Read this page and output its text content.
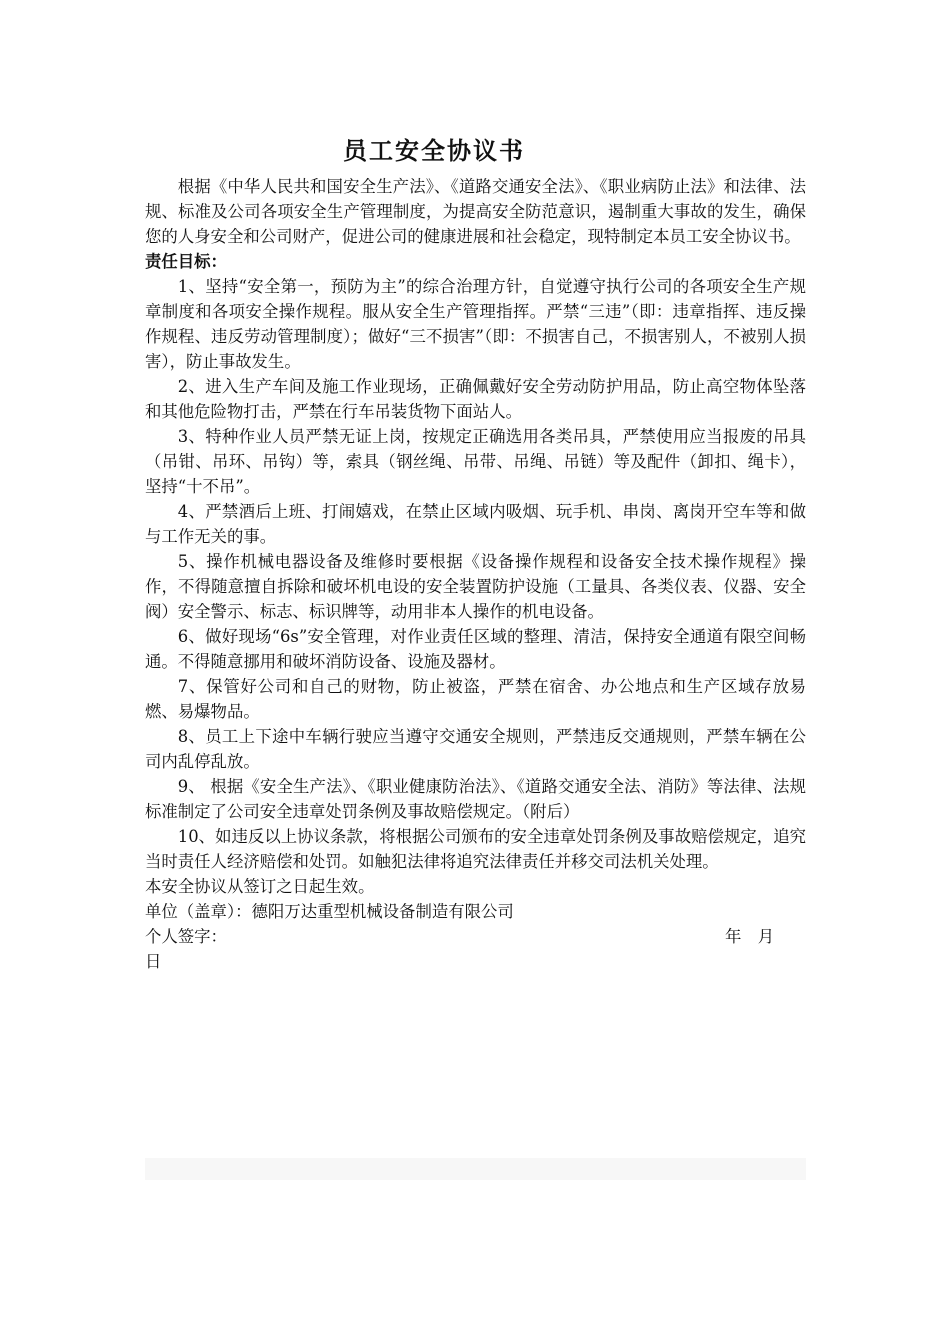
员工安全协议书

根据《中华人民共和国安全生产法》、《道路交通安全法》、《职业病防止法》和法律、法规、标准及公司各项安全生产管理制度，为提高安全防范意识，遏制重大事故的发生，确保您的人身安全和公司财产，促进公司的健康进展和社会稳定，现特制定本员工安全协议书。

责任目标：

1、坚持“安全第一，预防为主”的综合治理方针，自觉遵守执行公司的各项安全生产规章制度和各项安全操作规程。服从安全生产管理指挥。严禁“三违”（即：违章指挥、违反操作规程、违反劳动管理制度）；做好“三不损害”（即：不损害自己，不损害别人，不被别人损害），防止事故发生。

2、进入生产车间及施工作业现场，正确佩戴好安全劳动防护用品，防止高空物体坠落和其他危险物打击，严禁在行车吊装货物下面站人。

3、特种作业人员严禁无证上岗，按规定正确选用各类吊具，严禁使用应当报废的吊具（吊钳、吊环、吊钩）等，索具（钢丝绳、吊带、吊绳、吊链）等及配件（卸扣、绳卡），坚持“十不吊”。

4、严禁酒后上班、打闹嬉戏，在禁止区域内吸烟、玩手机、串岗、离岗开空车等和做与工作无关的事。

5、操作机械电器设备及维修时要根据《设备操作规程和设备安全技术操作规程》操作，不得随意擅自拆除和破坏机电设的安全装置防护设施（工量具、各类仪表、仪器、安全阀）安全警示、标志、标识牌等，动用非本人操作的机电设备。

6、做好现场“6s”安全管理，对作业责任区域的整理、清洁，保持安全通道有限空间畅通。不得随意挪用和破坏消防设备、设施及器材。

7、保管好公司和自己的财物，防止被盗，严禁在宿舍、办公地点和生产区域存放易燃、易爆物品。

8、员工上下途中车辆行驶应当遵守交通安全规则，严禁违反交通规则，严禁车辆在公司内乱停乱放。

9、 根据《安全生产法》、《职业健康防治法》、《道路交通安全法、消防》等法律、法规标准制定了公司安全违章处罚条例及事故赔偿规定。（附后）

10、如违反以上协议条款，将根据公司颁布的安全违章处罚条例及事故赔偿规定，追究当时责任人经济赔偿和处罚。如触犯法律将追究法律责任并移交司法机关处理。

本安全协议从签订之日起生效。

单位（盖章）：德阳万达重型机械设备制造有限公司

个人签字：	年　月

日
